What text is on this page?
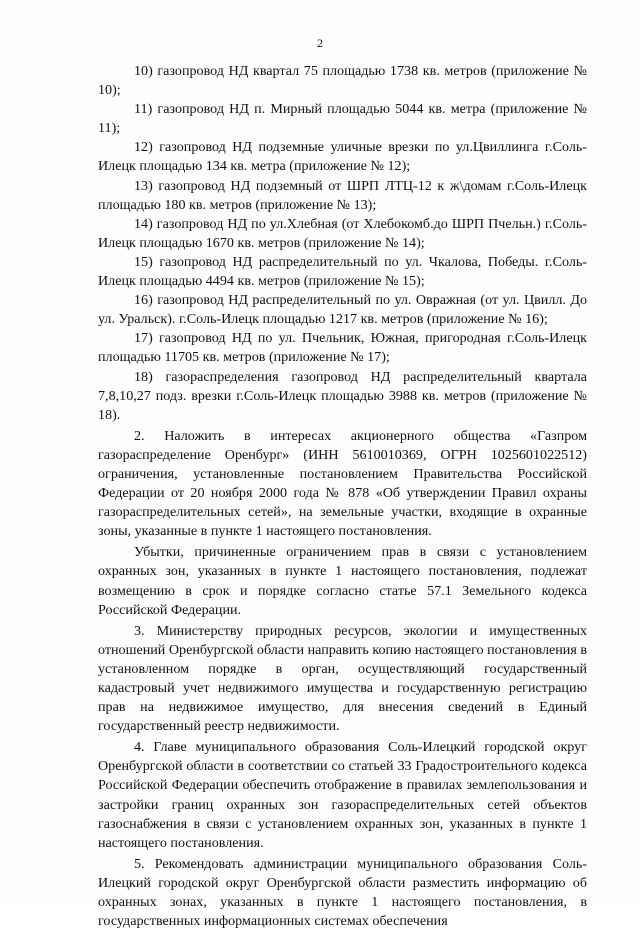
2

10) газопровод НД квартал 75 площадью 1738 кв. метров (приложение № 10);

11) газопровод НД п. Мирный площадью 5044 кв. метра (приложение № 11);

12) газопровод НД подземные уличные врезки по ул.Цвиллинга г.Соль-Илецк площадью 134 кв. метра (приложение № 12);

13) газопровод НД подземный от ШРП ЛТЦ-12 к ж\домам г.Соль-Илецк площадью 180 кв. метров (приложение № 13);

14) газопровод НД по ул.Хлебная (от Хлебокомб.до ШРП Пчельн.) г.Соль-Илецк площадью 1670 кв. метров (приложение № 14);

15) газопровод НД распределительный по ул. Чкалова, Победы. г.Соль-Илецк площадью 4494 кв. метров (приложение № 15);

16) газопровод НД распределительный по ул. Овражная (от ул. Цвилл. До ул. Уральск). г.Соль-Илецк площадью 1217 кв. метров (приложение № 16);

17) газопровод НД по ул. Пчельник, Южная, пригородная г.Соль-Илецк площадью 11705 кв. метров (приложение № 17);

18) газораспределения газопровод НД распределительный квартала 7,8,10,27 подз. врезки г.Соль-Илецк площадью 3988 кв. метров (приложение № 18).

2. Наложить в интересах акционерного общества «Газпром газораспределение Оренбург» (ИНН 5610010369, ОГРН 1025601022512) ограничения, установленные постановлением Правительства Российской Федерации от 20 ноября 2000 года № 878 «Об утверждении Правил охраны газораспределительных сетей», на земельные участки, входящие в охранные зоны, указанные в пункте 1 настоящего постановления.

Убытки, причиненные ограничением прав в связи с установлением охранных зон, указанных в пункте 1 настоящего постановления, подлежат возмещению в срок и порядке согласно статье 57.1 Земельного кодекса Российской Федерации.

3. Министерству природных ресурсов, экологии и имущественных отношений Оренбургской области направить копию настоящего постановления в установленном порядке в орган, осуществляющий государственный кадастровый учет недвижимого имущества и государственную регистрацию прав на недвижимое имущество, для внесения сведений в Единый государственный реестр недвижимости.

4. Главе муниципального образования Соль-Илецкий городской округ Оренбургской области в соответствии со статьей 33 Градостроительного кодекса Российской Федерации обеспечить отображение в правилах землепользования и застройки границ охранных зон газораспределительных сетей объектов газоснабжения в связи с установлением охранных зон, указанных в пункте 1 настоящего постановления.

5. Рекомендовать администрации муниципального образования Соль-Илецкий городской округ Оренбургской области разместить информацию об охранных зонах, указанных в пункте 1 настоящего постановления, в государственных информационных системах обеспечения
